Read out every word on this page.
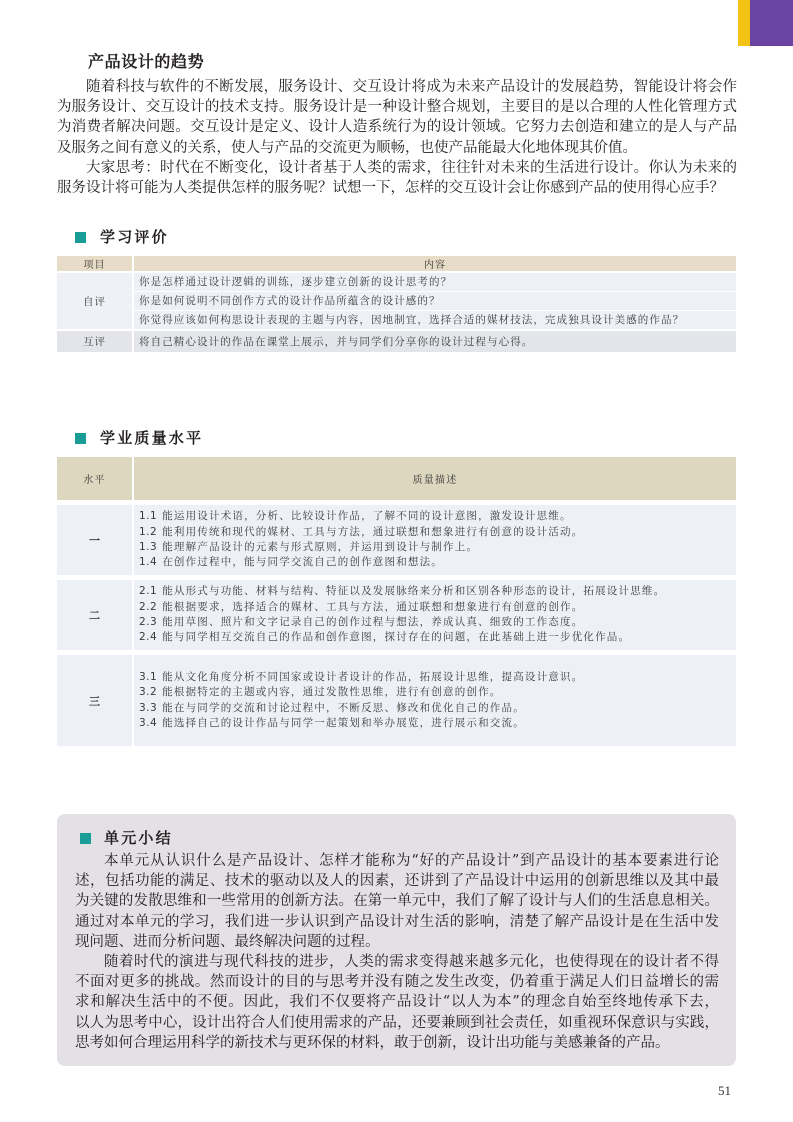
产品设计的趋势

随着科技与软件的不断发展，服务设计、交互设计将成为未来产品设计的发展趋势，智能设计将会作
为服务设计、交互设计的技术支持。服务设计是一种设计整合规划，主要目的是以合理的人性化管理方式
为消费者解决问题。交互设计是定义、设计人造系统行为的设计领域。它努力去创造和建立的是人与产品
及服务之间有意义的关系，使人与产品的交流更为顺畅，也使产品能最大化地体现其价值。

大家思考：时代在不断变化，设计者基于人类的需求，往往针对未来的生活进行设计。你认为未来的
服务设计将可能为人类提供怎样的服务呢？试想一下，怎样的交互设计会让你感到产品的使用得心应手？

学习评价
项目	内容
自评
你是怎样通过设计逻辑的训练，逐步建立创新的设计思考的？
你是如何说明不同创作方式的设计作品所蕴含的设计感的？
你觉得应该如何构思设计表现的主题与内容，因地制宜，选择合适的媒材技法，完成独具设计美感的作品？
互评	将自己精心设计的作品在课堂上展示，并与同学们分享你的设计过程与心得。
学业质量水平
水平	质量描述
一
1.1 能运用设计术语，分析、比较设计作品，了解不同的设计意图，激发设计思维。
1.2 能利用传统和现代的媒材、工具与方法，通过联想和想象进行有创意的设计活动。
1.3 能理解产品设计的元素与形式原则，并运用到设计与制作上。
1.4 在创作过程中，能与同学交流自己的创作意图和想法。
二
2.1 能从形式与功能、材料与结构、特征以及发展脉络来分析和区别各种形态的设计，拓展设计思维。
2.2 能根据要求，选择适合的媒材、工具与方法，通过联想和想象进行有创意的创作。
2.3 能用草图、照片和文字记录自己的创作过程与想法，养成认真、细致的工作态度。
2.4 能与同学相互交流自己的作品和创作意图，探讨存在的问题，在此基础上进一步优化作品。
三
3.1 能从文化角度分析不同国家或设计者设计的作品，拓展设计思维，提高设计意识。
3.2 能根据特定的主题或内容，通过发散性思维，进行有创意的创作。
3.3 能在与同学的交流和讨论过程中，不断反思、修改和优化自己的作品。
3.4 能选择自己的设计作品与同学一起策划和举办展览，进行展示和交流。
单元小结

本单元从认识什么是产品设计、怎样才能称为“好的产品设计”到产品设计的基本要素进行论
述，包括功能的满足、技术的驱动以及人的因素，还讲到了产品设计中运用的创新思维以及其中最
为关键的发散思维和一些常用的创新方法。在第一单元中，我们了解了设计与人们的生活息息相关。
通过对本单元的学习，我们进一步认识到产品设计对生活的影响，清楚了解产品设计是在生活中发
现问题、进而分析问题、最终解决问题的过程。

随着时代的演进与现代科技的进步，人类的需求变得越来越多元化，也使得现在的设计者不得
不面对更多的挑战。然而设计的目的与思考并没有随之发生改变，仍着重于满足人们日益增长的需
求和解决生活中的不便。因此，我们不仅要将产品设计“以人为本”的理念自始至终地传承下去，
以人为思考中心，设计出符合人们使用需求的产品，还要兼顾到社会责任，如重视环保意识与实践，
思考如何合理运用科学的新技术与更环保的材料，敢于创新，设计出功能与美感兼备的产品。

51
